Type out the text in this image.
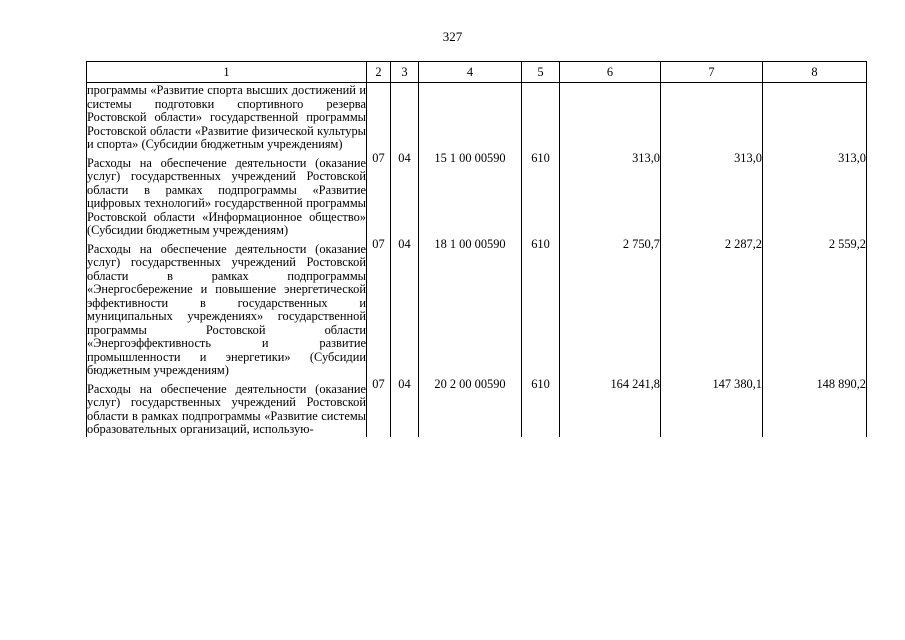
327
1	2	3	4	5	6	7	8
программы «Развитие спорта высших достижений и системы подготовки спортивного резерва Ростовской области» государственной программы Ростовской области «Развитие физической культуры и спорта» (Субсидии бюджетным учреждениям)							
Расходы на обеспечение деятельности (оказание услуг) государственных учреждений Ростовской области в рамках подпрограммы «Развитие цифровых технологий» государственной программы Ростовской области «Информационное общество» (Субсидии бюджетным учреждениям)	07	04	15 1 00 00590	610	313,0	313,0	313,0
Расходы на обеспечение деятельности (оказание услуг) государственных учреждений Ростовской области в рамках подпрограммы «Энергосбережение и повышение энергетической эффективности в государственных и муниципальных учреждениях» государственной программы Ростовской области «Энергоэффективность и развитие промышленности и энергетики» (Субсидии бюджетным учреждениям)	07	04	18 1 00 00590	610	2 750,7	2 287,2	2 559,2
Расходы на обеспечение деятельности (оказание услуг) государственных учреждений Ростовской области в рамках подпрограммы «Развитие системы образовательных организаций, использую-	07	04	20 2 00 00590	610	164 241,8	147 380,1	148 890,2
